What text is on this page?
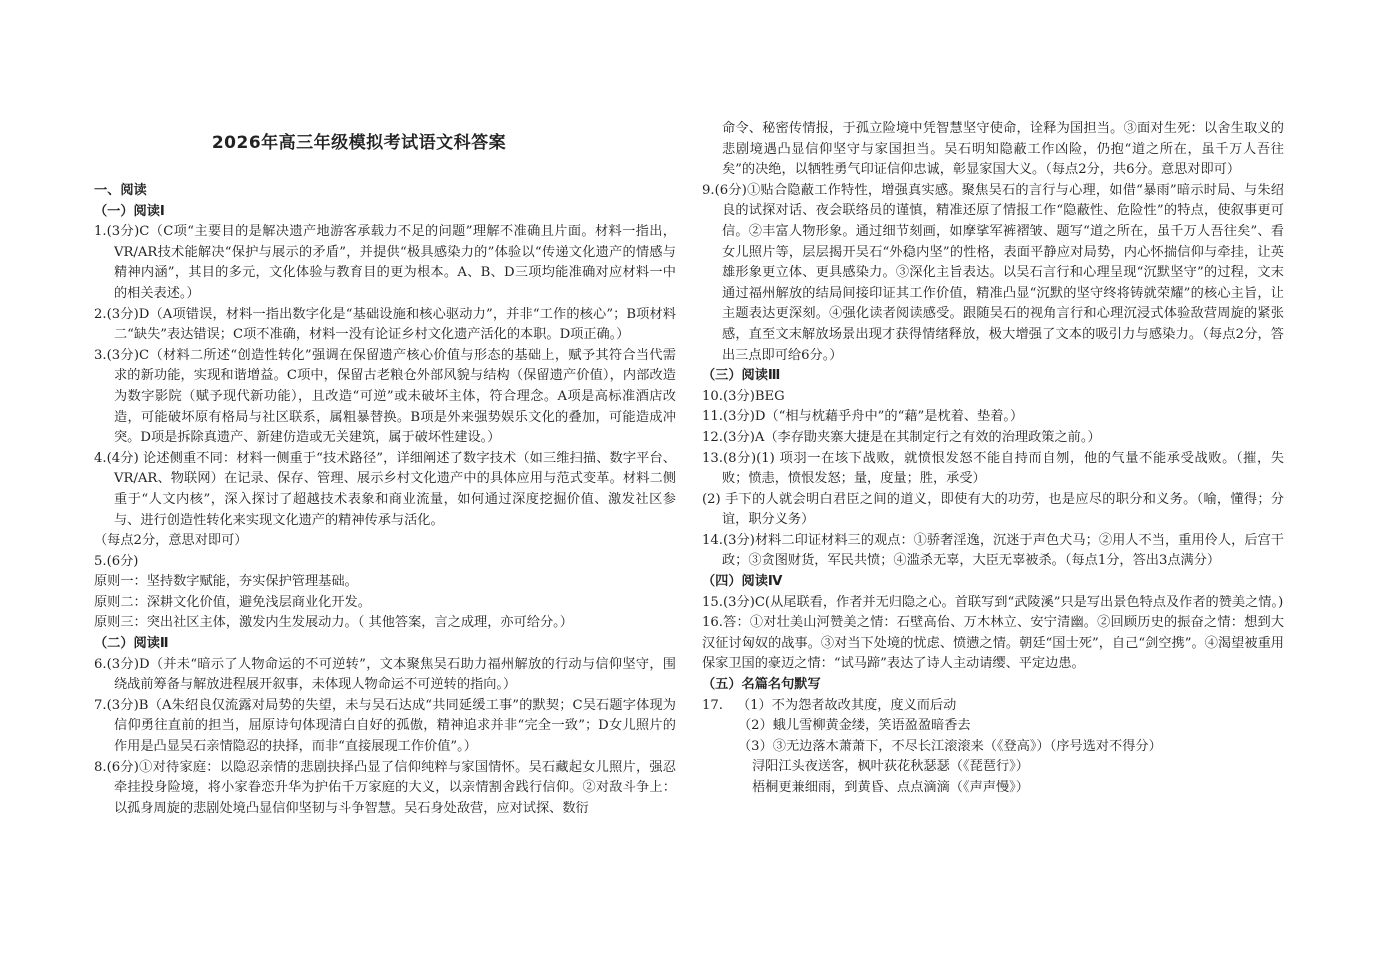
2026年高三年级模拟考试语文科答案
一、阅读
（一）阅读Ⅰ
1.(3分)C（C项“主要目的是解决遗产地游客承载力不足的问题”理解不准确且片面。材料一指出，VR/AR技术能解决“保护与展示的矛盾”，并提供“极具感染力的”体验以“传递文化遗产的情感与精神内涵”，其目的多元，文化体验与教育目的更为根本。A、B、D三项均能准确对应材料一中的相关表述。）
2.(3分)D（A项错误，材料一指出数字化是“基础设施和核心驱动力”，并非“工作的核心”；B项材料二“缺失”表达错误；C项不准确，材料一没有论证乡村文化遗产活化的本职。D项正确。）
3.(3分)C（材料二所述“创造性转化”强调在保留遗产核心价值与形态的基础上，赋予其符合当代需求的新功能，实现和谐增益。C项中，保留古老粮仓外部风貌与结构（保留遗产价值），内部改造为数字影院（赋予现代新功能），且改造“可逆”或未破坏主体，符合理念。A项是高标准酒店改造，可能破坏原有格局与社区联系，属粗暴替换。B项是外来强势娱乐文化的叠加，可能造成冲突。D项是拆除真遗产、新建仿造或无关建筑，属于破坏性建设。）
4.(4分) 论述侧重不同：材料一侧重于“技术路径”，详细阐述了数字技术（如三维扫描、数字平台、VR/AR、物联网）在记录、保存、管理、展示乡村文化遗产中的具体应用与范式变革。材料二侧重于“人文内核”，深入探讨了超越技术表象和商业流量，如何通过深度挖掘价值、激发社区参与、进行创造性转化来实现文化遗产的精神传承与活化。
（每点2分，意思对即可）
5.(6分)
原则一：坚持数字赋能，夯实保护管理基础。
原则二：深耕文化价值，避免浅层商业化开发。
原则三：突出社区主体，激发内生发展动力。（ 其他答案，言之成理，亦可给分。）
（二）阅读Ⅱ
6.(3分)D（并未“暗示了人物命运的不可逆转”，文本聚焦吴石助力福州解放的行动与信仰坚守，围绕战前筹备与解放进程展开叙事，未体现人物命运不可逆转的指向。）
7.(3分)B（A朱绍良仅流露对局势的失望，未与吴石达成“共同延缓工事”的默契；C吴石题字体现为信仰勇往直前的担当，屈原诗句体现清白自好的孤傲，精神追求并非“完全一致”；D女儿照片的作用是凸显吴石亲情隐忍的抉择，而非“直接展现工作价值”。）
8.(6分)①对待家庭：以隐忍亲情的悲剧抉择凸显了信仰纯粹与家国情怀。吴石藏起女儿照片，强忍牵挂投身险境，将小家眷恋升华为护佑千万家庭的大义，以亲情割舍践行信仰。②对敌斗争上：以孤身周旋的悲剧处境凸显信仰坚韧与斗争智慧。吴石身处敌营，应对试探、数衍
命令、秘密传情报，于孤立险境中凭智慧坚守使命，诠释为国担当。③面对生死：以舍生取义的悲剧境遇凸显信仰坚守与家国担当。吴石明知隐蔽工作凶险，仍抱“道之所在，虽千万人吾往矣”的决绝，以牺牲勇气印证信仰忠诚，彰显家国大义。（每点2分，共6分。意思对即可）
9.(6分)①贴合隐蔽工作特性，增强真实感。聚焦吴石的言行与心理，如借“暴雨”暗示时局、与朱绍良的试探对话、夜会联络员的谨慎，精准还原了情报工作“隐蔽性、危险性”的特点，使叙事更可信。②丰富人物形象。通过细节刻画，如摩挲军裤褶皱、题写“道之所在，虽千万人吾往矣”、看女儿照片等，层层揭开吴石“外稳内坚”的性格，表面平静应对局势，内心怀揣信仰与牵挂，让英雄形象更立体、更具感染力。③深化主旨表达。以吴石言行和心理呈现“沉默坚守”的过程，文末通过福州解放的结局间接印证其工作价值，精准凸显“沉默的坚守终将铸就荣耀”的核心主旨，让主题表达更深刻。④强化读者阅读感受。跟随吴石的视角言行和心理沉浸式体验敌营周旋的紧张感，直至文末解放场景出现才获得情绪释放，极大增强了文本的吸引力与感染力。（每点2分，答出三点即可给6分。）
（三）阅读Ⅲ
10.(3分)BEG
11.(3分)D（“相与枕藉乎舟中”的“藉”是枕着、垫着。）
12.(3分)A（李存勖夹寨大捷是在其制定行之有效的治理政策之前。）
13.(8分)(1) 项羽一在垓下战败，就愤恨发怒不能自持而自刎，他的气量不能承受战败。（摧，失败；愤恚，愤恨发怒；量，度量；胜，承受）
(2) 手下的人就会明白君臣之间的道义，即使有大的功劳，也是应尽的职分和义务。（喻，懂得；分谊，职分义务）
14.(3分)材料二印证材料三的观点：①骄奢淫逸，沉迷于声色犬马；②用人不当，重用伶人，后宫干政；③贪图财货，军民共愤；④滥杀无辜，大臣无辜被杀。（每点1分，答出3点满分）
（四）阅读Ⅳ
15.(3分)C(从尾联看，作者并无归隐之心。首联写到“武陵溪”只是写出景色特点及作者的赞美之情。)
16.答：①对壮美山河赞美之情：石壁高佁、万木林立、安宁清幽。②回顾历史的振奋之情：想到大汉征讨匈奴的战事。③对当下处境的忧虑、愤懑之情。朝廷“国士死”，自己“剑空携”。④渴望被重用保家卫国的豪迈之情：“试马蹄”表达了诗人主动请缨、平定边患。
（五）名篇名句默写
17. （1）不为怨者故改其度，度义而后动
（2）蛾儿雪柳黄金缕，笑语盈盈暗香去
（3）③无边落木萧萧下，不尽长江滚滚来（《登高》）（序号选对不得分）
浔阳江头夜送客，枫叶荻花秋瑟瑟（《琵琶行》）
梧桐更兼细雨，到黄昏、点点滴滴（《声声慢》）
